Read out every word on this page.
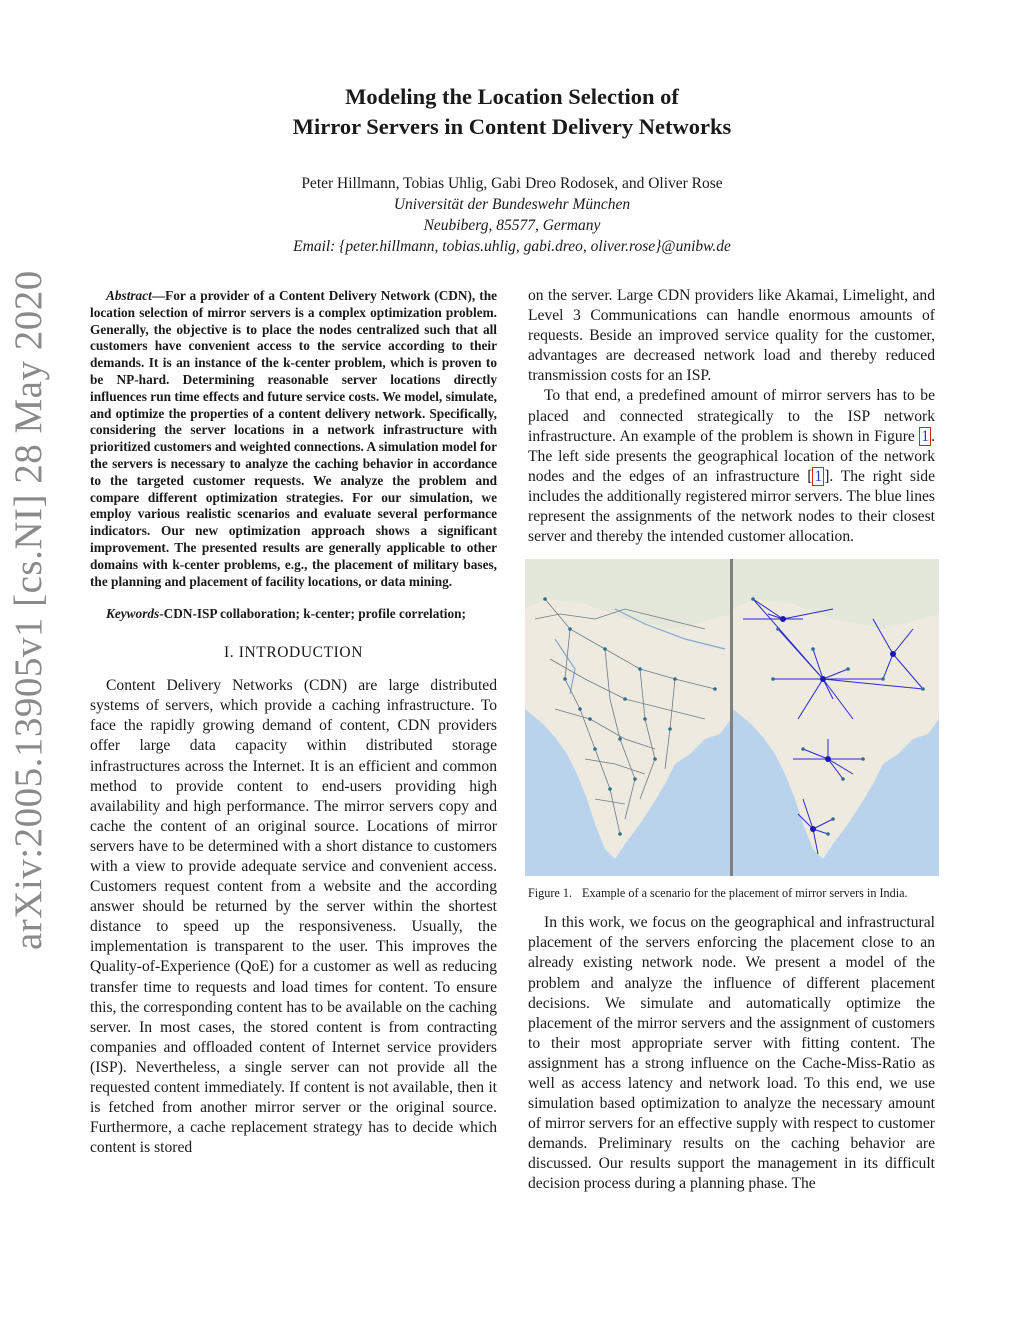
arXiv:2005.13905v1 [cs.NI] 28 May 2020
Modeling the Location Selection of
Mirror Servers in Content Delivery Networks
Peter Hillmann, Tobias Uhlig, Gabi Dreo Rodosek, and Oliver Rose
Universität der Bundeswehr München
Neubiberg, 85577, Germany
Email: {peter.hillmann, tobias.uhlig, gabi.dreo, oliver.rose}@unibw.de

Abstract—For a provider of a Content Delivery Network (CDN), the location selection of mirror servers is a complex optimization problem. Generally, the objective is to place the nodes centralized such that all customers have convenient access to the service according to their demands. It is an instance of the k-center problem, which is proven to be NP-hard. Determining reasonable server locations directly influences run time effects and future service costs. We model, simulate, and optimize the properties of a content delivery network. Specifically, considering the server locations in a network infrastructure with prioritized customers and weighted connections. A simulation model for the servers is necessary to analyze the caching behavior in accordance to the targeted customer requests. We analyze the problem and compare different optimization strategies. For our simulation, we employ various realistic scenarios and evaluate several performance indicators. Our new optimization approach shows a significant improvement. The presented results are generally applicable to other domains with k-center problems, e.g., the placement of military bases, the planning and placement of facility locations, or data mining.

Keywords-CDN-ISP collaboration; k-center; profile correlation;

I. INTRODUCTION

Content Delivery Networks (CDN) are large distributed systems of servers, which provide a caching infrastructure. To face the rapidly growing demand of content, CDN providers offer large data capacity within distributed storage infrastructures across the Internet. It is an efficient and common method to provide content to end-users providing high availability and high performance. The mirror servers copy and cache the content of an original source. Locations of mirror servers have to be determined with a short distance to customers with a view to provide adequate service and convenient access. Customers request content from a website and the according answer should be returned by the server within the shortest distance to speed up the responsiveness. Usually, the implementation is transparent to the user. This improves the Quality-of-Experience (QoE) for a customer as well as reducing transfer time to requests and load times for content. To ensure this, the corresponding content has to be available on the caching server. In most cases, the stored content is from contracting companies and offloaded content of Internet service providers (ISP). Nevertheless, a single server can not provide all the requested content immediately. If content is not available, then it is fetched from another mirror server or the original source. Furthermore, a cache replacement strategy has to decide which content is stored

on the server. Large CDN providers like Akamai, Limelight, and Level 3 Communications can handle enormous amounts of requests. Beside an improved service quality for the customer, advantages are decreased network load and thereby reduced transmission costs for an ISP.

To that end, a predefined amount of mirror servers has to be placed and connected strategically to the ISP network infrastructure. An example of the problem is shown in Figure 1 . The left side presents the geographical location of the network nodes and the edges of an infrastructure [ 1 ]. The right side includes the additionally registered mirror servers. The blue lines represent the assignments of the network nodes to their closest server and thereby the intended customer allocation.

Figure 1. Example of a scenario for the placement of mirror servers in India.

In this work, we focus on the geographical and infrastructural placement of the servers enforcing the placement close to an already existing network node. We present a model of the problem and analyze the influence of different placement decisions. We simulate and automatically optimize the placement of the mirror servers and the assignment of customers to their most appropriate server with fitting content. The assignment has a strong influence on the Cache-Miss-Ratio as well as access latency and network load. To this end, we use simulation based optimization to analyze the necessary amount of mirror servers for an effective supply with respect to customer demands. Preliminary results on the caching behavior are discussed. Our results support the management in its difficult decision process during a planning phase. The
